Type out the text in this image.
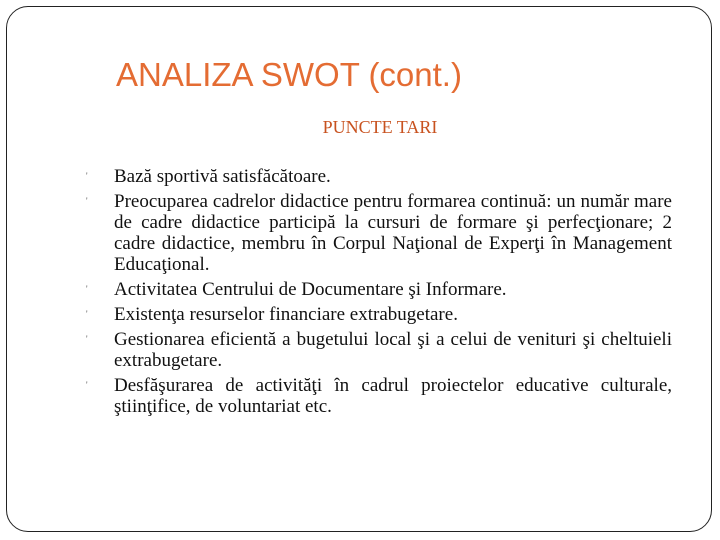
ANALIZA SWOT (cont.)
PUNCTE TARI
' Bază sportivă satisfăcătoare.
' Preocuparea cadrelor didactice pentru formarea continuă: un număr mare de cadre didactice participă la cursuri de formare şi perfecţionare; 2 cadre didactice, membru în Corpul Naţional de Experţi în Management Educaţional.
' Activitatea Centrului de Documentare şi Informare.
' Existenţa resurselor financiare extrabugetare.
' Gestionarea eficientă a bugetului local şi a celui de venituri şi cheltuieli extrabugetare.
' Desfăşurarea de activităţi în cadrul proiectelor educative culturale, ştiinţifice, de voluntariat etc.
